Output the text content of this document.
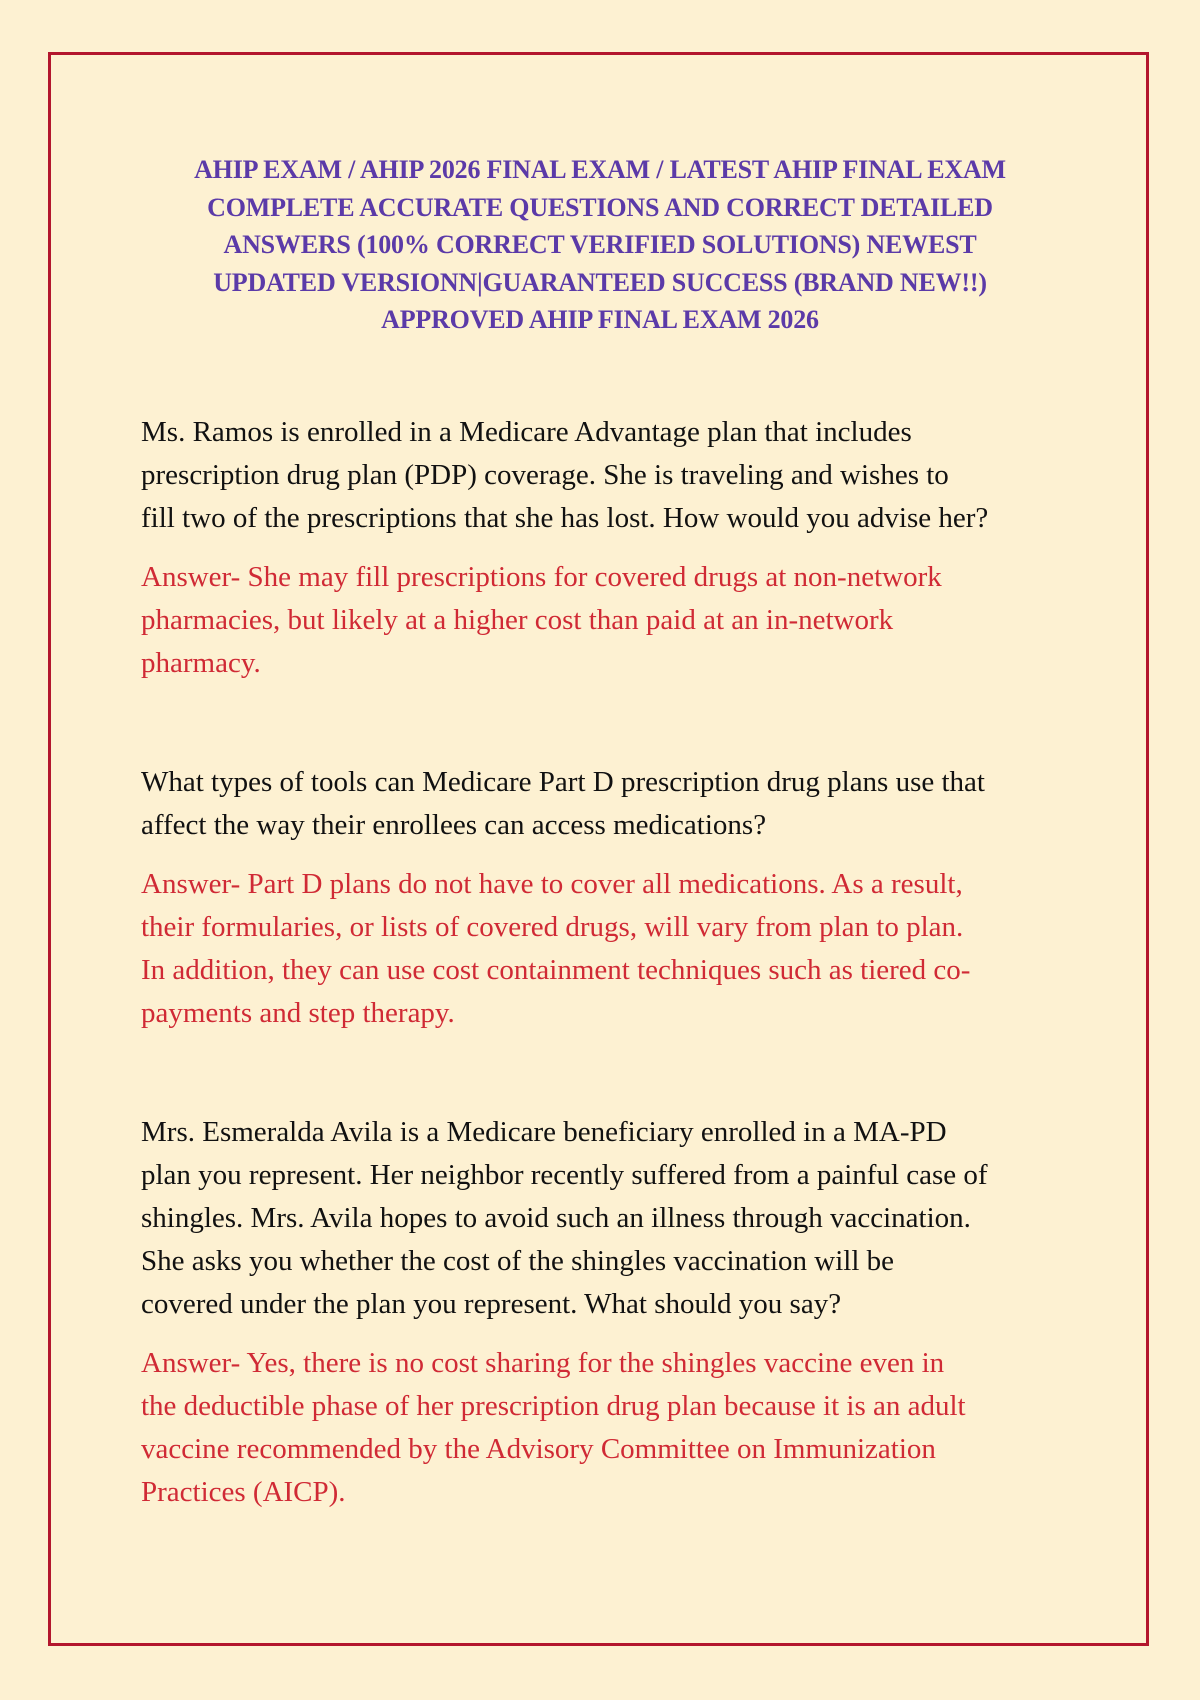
AHIP EXAM / AHIP 2026 FINAL EXAM / LATEST AHIP FINAL EXAM
COMPLETE ACCURATE QUESTIONS AND CORRECT DETAILED
ANSWERS (100% CORRECT VERIFIED SOLUTIONS) NEWEST
UPDATED VERSIONN|GUARANTEED SUCCESS (BRAND NEW!!)
APPROVED AHIP FINAL EXAM 2026

Ms. Ramos is enrolled in a Medicare Advantage plan that includes
prescription drug plan (PDP) coverage. She is traveling and wishes to
fill two of the prescriptions that she has lost. How would you advise her?

Answer- She may fill prescriptions for covered drugs at non-network
pharmacies, but likely at a higher cost than paid at an in-network
pharmacy.

What types of tools can Medicare Part D prescription drug plans use that
affect the way their enrollees can access medications?

Answer- Part D plans do not have to cover all medications. As a result,
their formularies, or lists of covered drugs, will vary from plan to plan.
In addition, they can use cost containment techniques such as tiered co-
payments and step therapy.

Mrs. Esmeralda Avila is a Medicare beneficiary enrolled in a MA-PD
plan you represent. Her neighbor recently suffered from a painful case of
shingles. Mrs. Avila hopes to avoid such an illness through vaccination.
She asks you whether the cost of the shingles vaccination will be
covered under the plan you represent. What should you say?

Answer- Yes, there is no cost sharing for the shingles vaccine even in
the deductible phase of her prescription drug plan because it is an adult
vaccine recommended by the Advisory Committee on Immunization
Practices (AICP).
